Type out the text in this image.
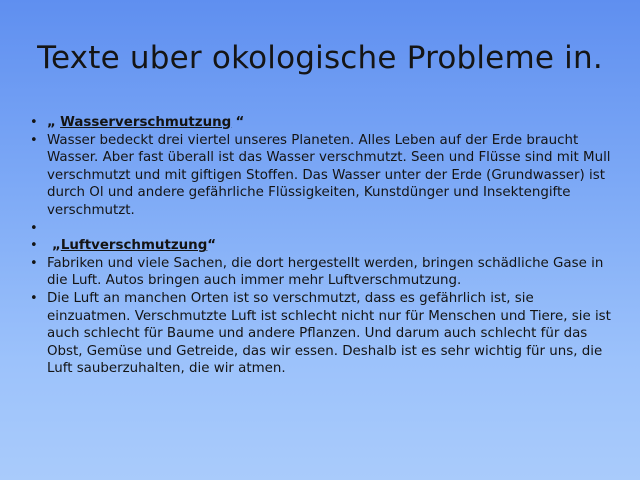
Texte uber okologische Probleme in.
• „ Wasserverschmutzung “
• Wasser bedeckt drei viertel unseres Planeten. Alles Leben auf der Erde braucht Wasser. Aber fast überall ist das Wasser verschmutzt. Seen und Flüsse sind mit Mull verschmutzt und mit giftigen Stoffen. Das Wasser unter der Erde (Grundwasser) ist durch Ol und andere gefährliche Flüssigkeiten, Kunstdünger und Insektengifte verschmutzt.
•
• „Luftverschmutzung“
• Fabriken und viele Sachen, die dort hergestellt werden, bringen schädliche Gase in die Luft. Autos bringen auch immer mehr Luftverschmutzung.
• Die Luft an manchen Orten ist so verschmutzt, dass es gefährlich ist, sie einzuatmen. Verschmutzte Luft ist schlecht nicht nur für Menschen und Tiere, sie ist auch schlecht für Baume und andere Pflanzen. Und darum auch schlecht für das Obst, Gemüse und Getreide, das wir essen. Deshalb ist es sehr wichtig für uns, die Luft sauberzuhalten, die wir atmen.
